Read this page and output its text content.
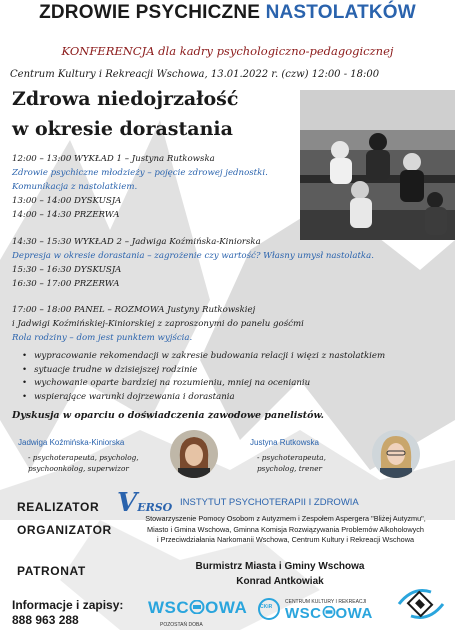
ZDROWIE PSYCHICZNE NASTOLATKÓW
KONFERENCJA dla kadry psychologiczno-pedagogicznej
Centrum Kultury i Rekreacji Wschowa, 13.01.2022 r. (czw) 12:00 - 18:00
Zdrowa niedojrzałość
w okresie dorastania
12:00 – 13:00 WYKŁAD 1 – Justyna Rutkowska
Zdrowie psychiczne młodzieży – pojęcie zdrowej jednostki.
Komunikacja z nastolatkiem.
13:00 – 14:00 DYSKUSJA
14:00 – 14:30 PRZERWA
14:30 – 15:30 WYKŁAD 2 – Jadwiga Koźmińska-Kiniorska
Depresja w okresie dorastania – zagrożenie czy wartość? Własny umysł nastolatka.
15:30 – 16:30 DYSKUSJA
16:30 – 17:00 PRZERWA
17:00 – 18:00 PANEL – ROZMOWA Justyny Rutkowskiej
i Jadwigi Koźmińskiej-Kiniorskiej z zaproszonymi do panelu gośćmi
Rola rodziny – dom jest punktem wyjścia.
• wypracowanie rekomendacji w zakresie budowania relacji i więzi z nastolatkiem
• sytuacje trudne w dzisiejszej rodzinie
• wychowanie oparte bardziej na rozumieniu, mniej na ocenianiu
• wspierające warunki dojrzewania i dorastania
Dyskusja w oparciu o doświadczenia zawodowe panelistów.
Jadwiga Koźmińska-Kiniorska
- psychoterapeuta, psycholog,
psychoonkolog, superwizor
Justyna Rutkowska
- psychoterapeuta,
psycholog, trener
REALIZATOR VERSO INSTYTUT PSYCHOTERAPII I ZDROWIA
ORGANIZATOR
Stowarzyszenie Pomocy Osobom z Autyzmem i Zespołem Aspergera "Bliżej Autyzmu",
Miasto i Gmina Wschowa, Gminna Komisja Rozwiązywania Problemów Alkoholowych
i Przeciwdziałania Narkomanii Wschowa, Centrum Kultury i Rekreacji Wschowa
PATRONAT	Burmistrz Miasta i Gminy Wschowa
Konrad Antkowiak
Informacje i zapisy:
888 963 288
WSC OWA
POZOSTAŃ DOBA
CKiR
CENTRUM KULTURY I REKREACJI
WSC OWA
